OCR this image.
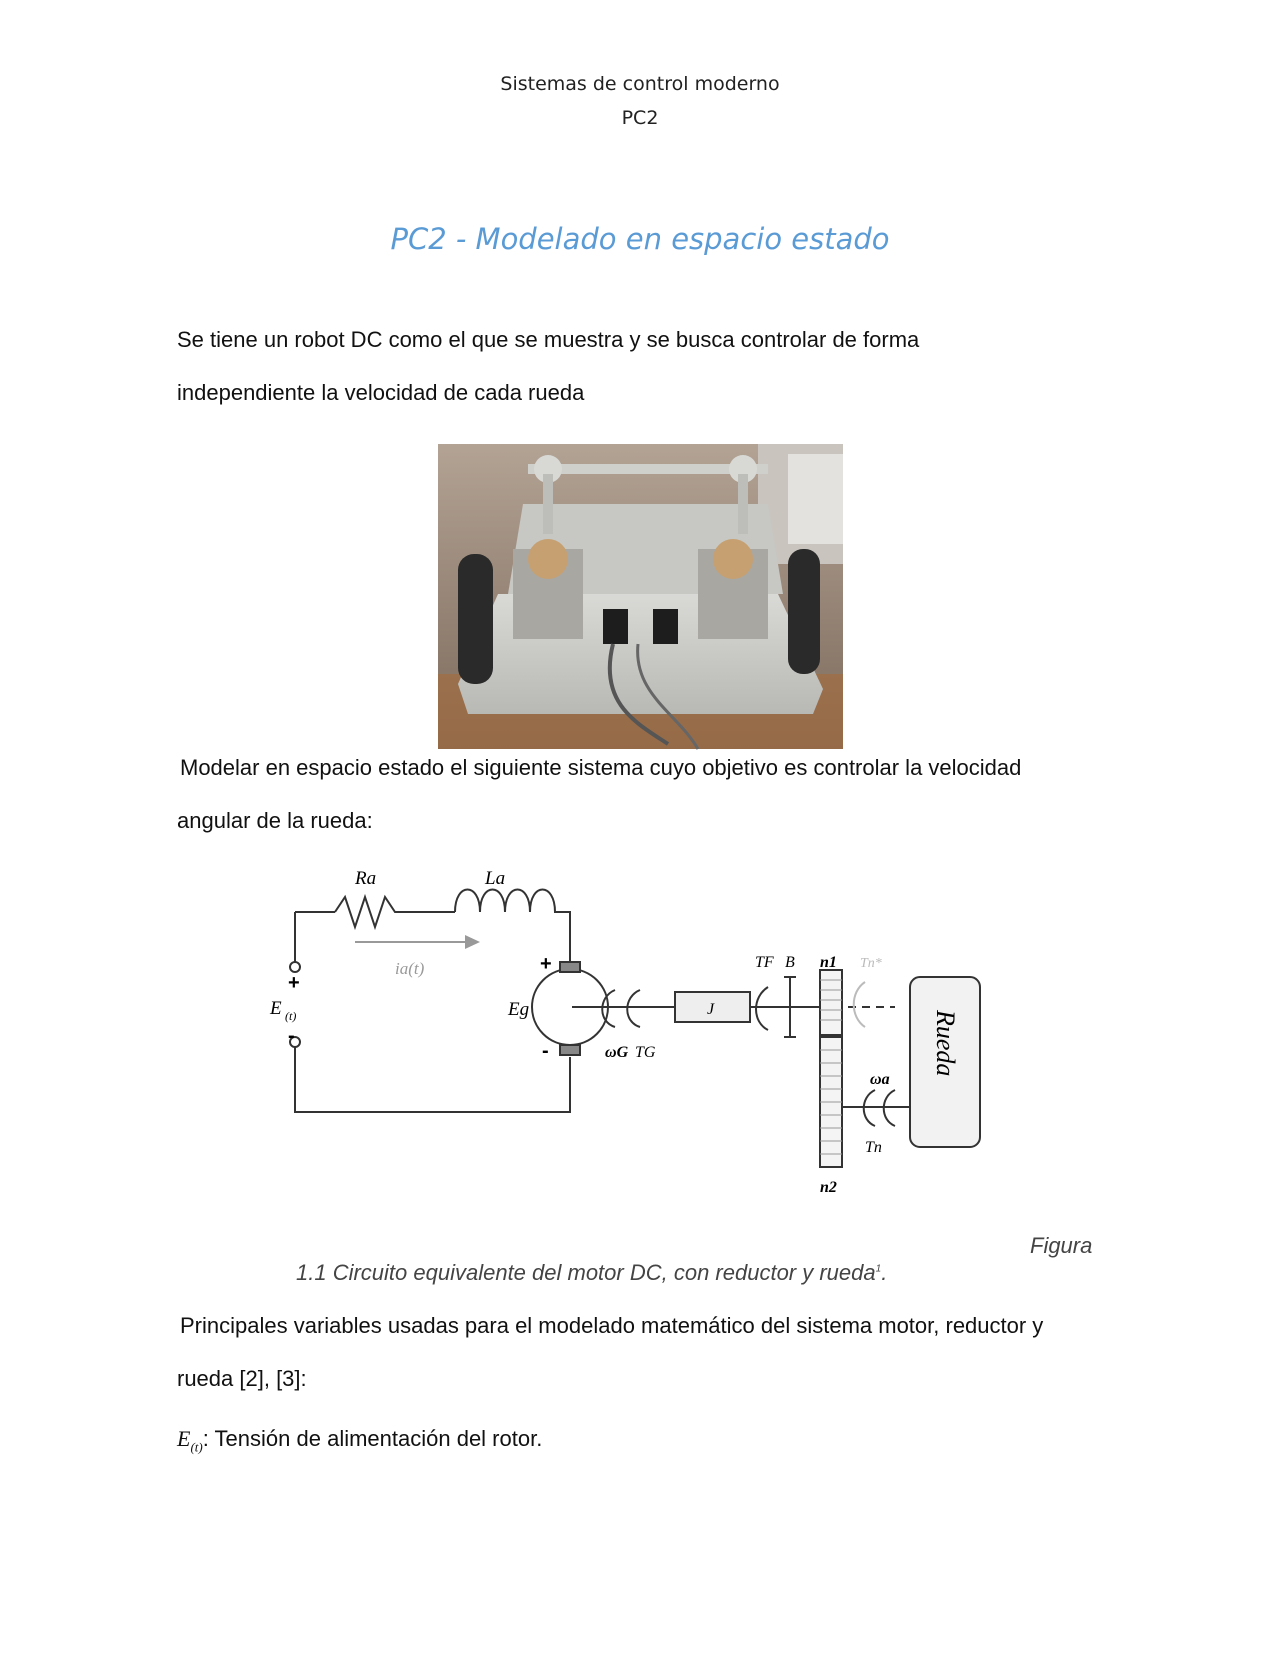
Sistemas de control moderno
PC2
PC2 - Modelado en espacio estado
Se tiene un robot DC como el que se muestra y se busca controlar de forma
independiente la velocidad de cada rueda
Modelar en espacio estado el siguiente sistema cuyo objetivo es controlar la velocidad
angular de la rueda:
Ra	La
ia(t)
+
E (t)
-
+
-
Eg	J
TF B n1 Tn*
ωG TG
ωa
Tn
n2
Rueda
Figura
1.1 Circuito equivalente del motor DC, con reductor y rueda$^1$.
Principales variables usadas para el modelado matemático del sistema motor, reductor y
rueda [2], [3]:
$E_{(t)}$: Tensión de alimentación del rotor.
